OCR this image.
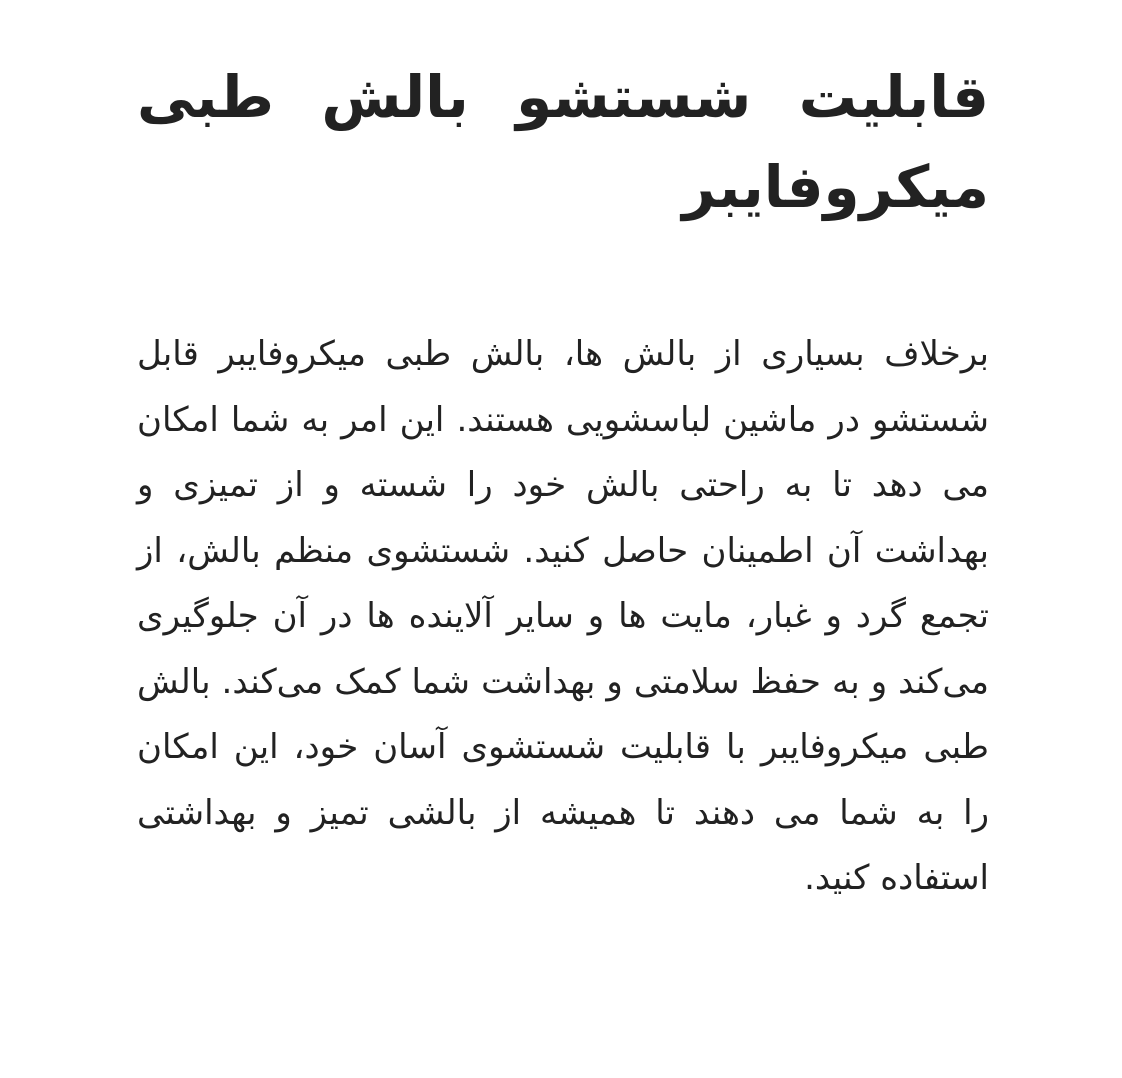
قابلیت شستشو بالش طبی میکروفایبر

برخلاف بسیاری از بالش ها، بالش طبی میکروفایبر قابل شستشو در ماشین لباسشویی هستند. این امر به شما امکان می دهد تا به راحتی بالش خود را شسته و از تمیزی و بهداشت آن اطمینان حاصل کنید. شستشوی منظم بالش، از تجمع گرد و غبار، مایت ها و سایر آلاینده ها در آن جلوگیری می‌کند و به حفظ سلامتی و بهداشت شما کمک می‌کند. بالش طبی میکروفایبر با قابلیت شستشوی آسان خود، این امکان را به شما می دهند تا همیشه از بالشی تمیز و بهداشتی استفاده کنید.
